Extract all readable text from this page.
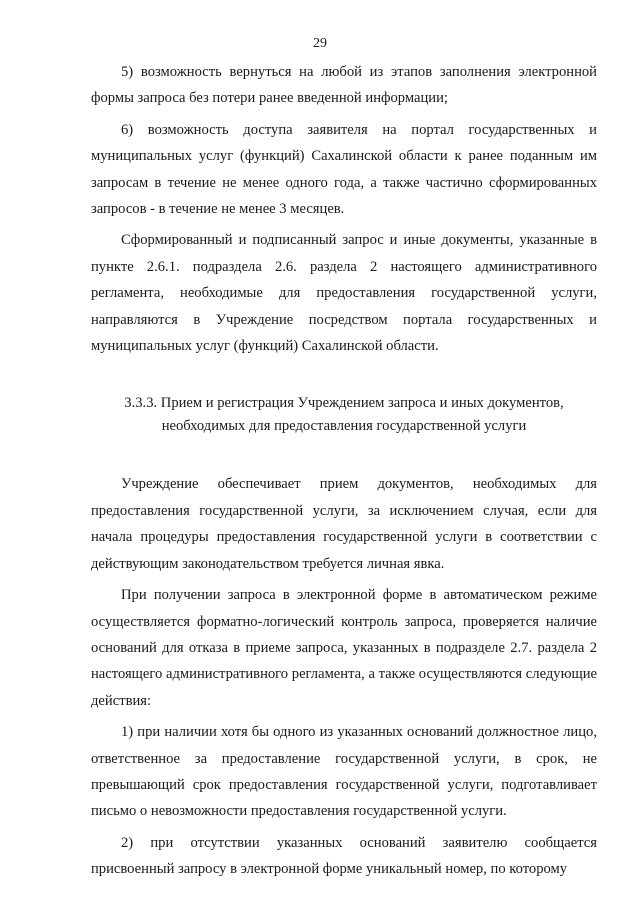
29

5) возможность вернуться на любой из этапов заполнения электронной формы запроса без потери ранее введенной информации;

6) возможность доступа заявителя на портал государственных и муниципальных услуг (функций) Сахалинской области к ранее поданным им запросам в течение не менее одного года, а также частично сформированных запросов - в течение не менее 3 месяцев.

Сформированный и подписанный запрос и иные документы, указанные в пункте 2.6.1. подраздела 2.6. раздела 2 настоящего административного регламента, необходимые для предоставления государственной услуги, направляются в Учреждение посредством портала государственных и муниципальных услуг (функций) Сахалинской области.

3.3.3. Прием и регистрация Учреждением запроса и иных документов,
необходимых для предоставления государственной услуги

Учреждение обеспечивает прием документов, необходимых для предоставления государственной услуги, за исключением случая, если для начала процедуры предоставления государственной услуги в соответствии с действующим законодательством требуется личная явка.

При получении запроса в электронной форме в автоматическом режиме осуществляется форматно-логический контроль запроса, проверяется наличие оснований для отказа в приеме запроса, указанных в подразделе 2.7. раздела 2 настоящего административного регламента, а также осуществляются следующие действия:

1) при наличии хотя бы одного из указанных оснований должностное лицо, ответственное за предоставление государственной услуги, в срок, не превышающий срок предоставления государственной услуги, подготавливает письмо о невозможности предоставления государственной услуги.

2) при отсутствии указанных оснований заявителю сообщается присвоенный запросу в электронной форме уникальный номер, по которому
